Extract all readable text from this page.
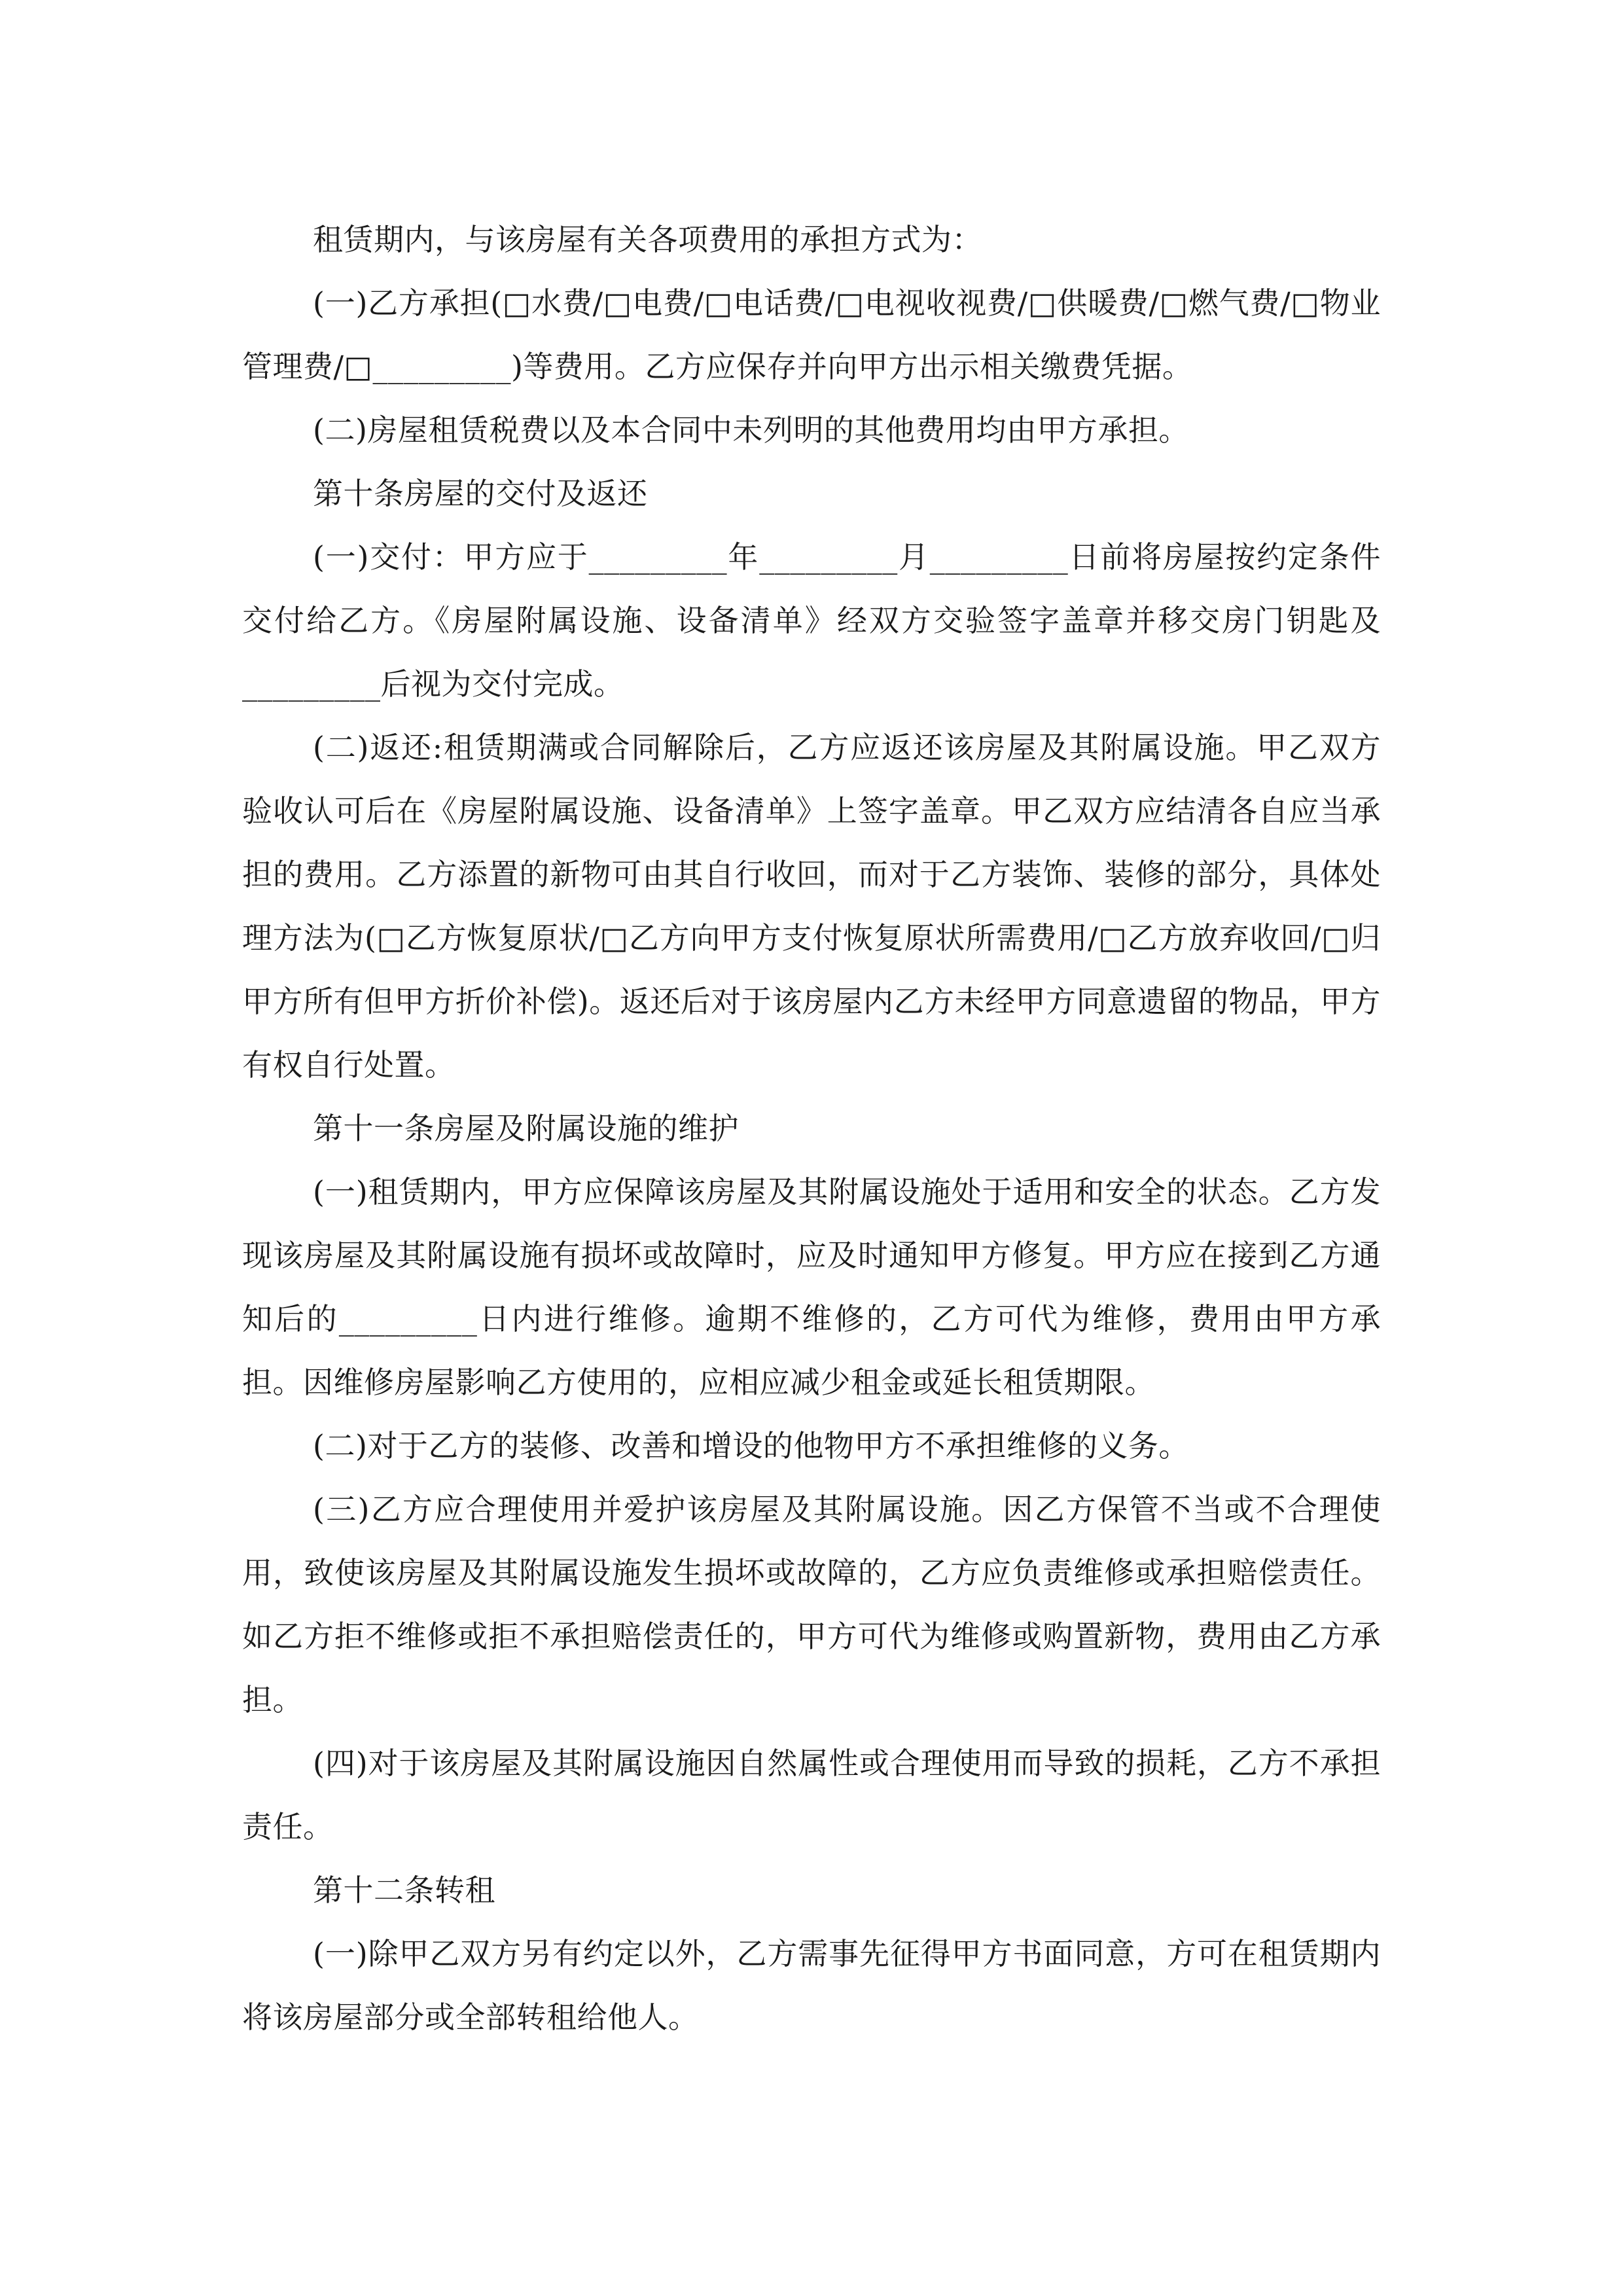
租赁期内，与该房屋有关各项费用的承担方式为：

(一)乙方承担(□水费/□电费/□电话费/□电视收视费/□供暖费/□燃气费/□物业管理费/□_________)等费用。乙方应保存并向甲方出示相关缴费凭据。

(二)房屋租赁税费以及本合同中未列明的其他费用均由甲方承担。

第十条房屋的交付及返还

(一)交付：甲方应于_________年_________月_________日前将房屋按约定条件交付给乙方。《房屋附属设施、设备清单》经双方交验签字盖章并移交房门钥匙及_________后视为交付完成。

(二)返还:租赁期满或合同解除后，乙方应返还该房屋及其附属设施。甲乙双方验收认可后在《房屋附属设施、设备清单》上签字盖章。甲乙双方应结清各自应当承担的费用。乙方添置的新物可由其自行收回，而对于乙方装饰、装修的部分，具体处理方法为(□乙方恢复原状/□乙方向甲方支付恢复原状所需费用/□乙方放弃收回/□归甲方所有但甲方折价补偿)。返还后对于该房屋内乙方未经甲方同意遗留的物品，甲方有权自行处置。

第十一条房屋及附属设施的维护

(一)租赁期内，甲方应保障该房屋及其附属设施处于适用和安全的状态。乙方发现该房屋及其附属设施有损坏或故障时，应及时通知甲方修复。甲方应在接到乙方通知后的_________日内进行维修。逾期不维修的，乙方可代为维修，费用由甲方承担。因维修房屋影响乙方使用的，应相应减少租金或延长租赁期限。

(二)对于乙方的装修、改善和增设的他物甲方不承担维修的义务。

(三)乙方应合理使用并爱护该房屋及其附属设施。因乙方保管不当或不合理使用，致使该房屋及其附属设施发生损坏或故障的，乙方应负责维修或承担赔偿责任。如乙方拒不维修或拒不承担赔偿责任的，甲方可代为维修或购置新物，费用由乙方承担。

(四)对于该房屋及其附属设施因自然属性或合理使用而导致的损耗，乙方不承担责任。

第十二条转租

(一)除甲乙双方另有约定以外，乙方需事先征得甲方书面同意，方可在租赁期内将该房屋部分或全部转租给他人。
